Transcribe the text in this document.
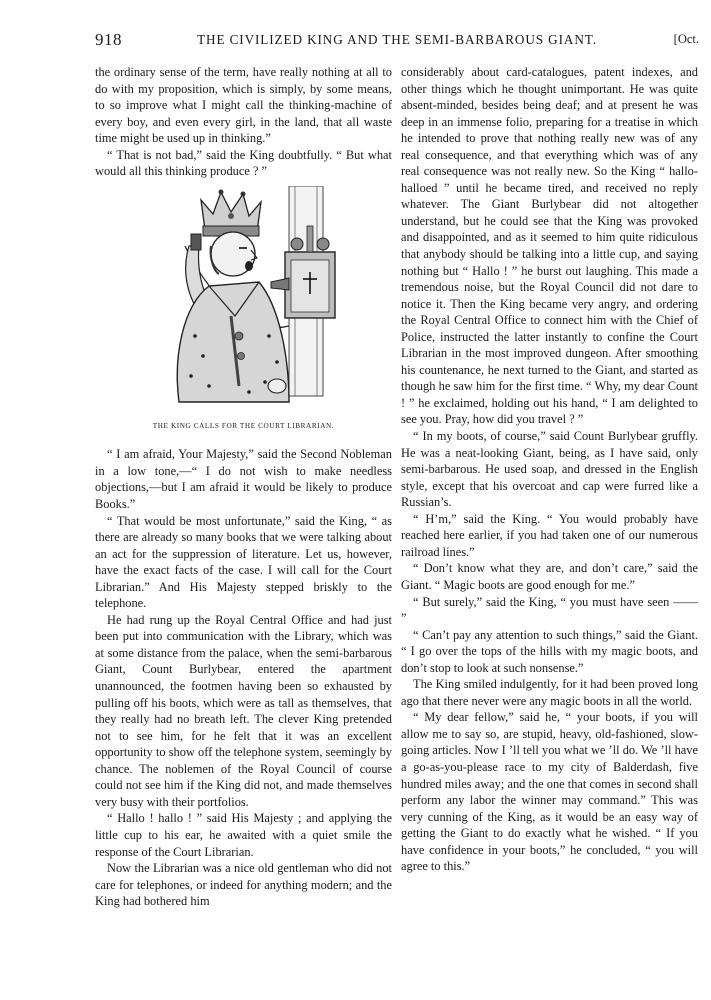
918	THE CIVILIZED KING AND THE SEMI-BARBAROUS GIANT.	[Oct.

the ordinary sense of the term, have really nothing at all to do with my proposition, which is simply, by some means, to so improve what I might call the thinking-machine of every boy, and even every girl, in the land, that all waste time might be used up in thinking.”

“ That is not bad,” said the King doubtfully. “ But what would all this thinking produce ? ”

THE KING CALLS FOR THE COURT LIBRARIAN.

“ I am afraid, Your Majesty,” said the Second Nobleman in a low tone,—“ I do not wish to make needless objections,—but I am afraid it would be likely to produce Books.”

“ That would be most unfortunate,” said the King, “ as there are already so many books that we were talking about an act for the suppression of literature. Let us, however, have the exact facts of the case. I will call for the Court Librarian.” And His Majesty stepped briskly to the telephone.

He had rung up the Royal Central Office and had just been put into communication with the Library, which was at some distance from the palace, when the semi-barbarous Giant, Count Burlybear, entered the apartment unannounced, the footmen having been so exhausted by pulling off his boots, which were as tall as themselves, that they really had no breath left. The clever King pretended not to see him, for he felt that it was an excellent opportunity to show off the telephone system, seemingly by chance. The noblemen of the Royal Council of course could not see him if the King did not, and made themselves very busy with their portfolios.

“ Hallo ! hallo ! ” said His Majesty ; and applying the little cup to his ear, he awaited with a quiet smile the response of the Court Librarian.

Now the Librarian was a nice old gentleman who did not care for telephones, or indeed for anything modern; and the King had bothered him

considerably about card-catalogues, patent indexes, and other things which he thought unimportant. He was quite absent-minded, besides being deaf; and at present he was deep in an immense folio, preparing for a treatise in which he intended to prove that nothing really new was of any real consequence, and that everything which was of any real consequence was not really new. So the King “ hallo-halloed ” until he became tired, and received no reply whatever. The Giant Burlybear did not altogether understand, but he could see that the King was provoked and disappointed, and as it seemed to him quite ridiculous that anybody should be talking into a little cup, and saying nothing but “ Hallo ! ” he burst out laughing. This made a tremendous noise, but the Royal Council did not dare to notice it. Then the King became very angry, and ordering the Royal Central Office to connect him with the Chief of Police, instructed the latter instantly to confine the Court Librarian in the most improved dungeon. After smoothing his countenance, he next turned to the Giant, and started as though he saw him for the first time. “ Why, my dear Count ! ” he exclaimed, holding out his hand, “ I am delighted to see you. Pray, how did you travel ? ”

“ In my boots, of course,” said Count Burlybear gruffly. He was a neat-looking Giant, being, as I have said, only semi-barbarous. He used soap, and dressed in the English style, except that his overcoat and cap were furred like a Russian’s.

“ H’m,” said the King. “ You would probably have reached here earlier, if you had taken one of our numerous railroad lines.”

“ Don’t know what they are, and don’t care,” said the Giant. “ Magic boots are good enough for me.”

“ But surely,” said the King, “ you must have seen —— ”

“ Can’t pay any attention to such things,” said the Giant. “ I go over the tops of the hills with my magic boots, and don’t stop to look at such nonsense.”

The King smiled indulgently, for it had been proved long ago that there never were any magic boots in all the world.

“ My dear fellow,” said he, “ your boots, if you will allow me to say so, are stupid, heavy, old-fashioned, slow-going articles. Now I ’ll tell you what we ’ll do. We ’ll have a go-as-you-please race to my city of Balderdash, five hundred miles away; and the one that comes in second shall perform any labor the winner may command.” This was very cunning of the King, as it would be an easy way of getting the Giant to do exactly what he wished. “ If you have confidence in your boots,” he concluded, “ you will agree to this.”
